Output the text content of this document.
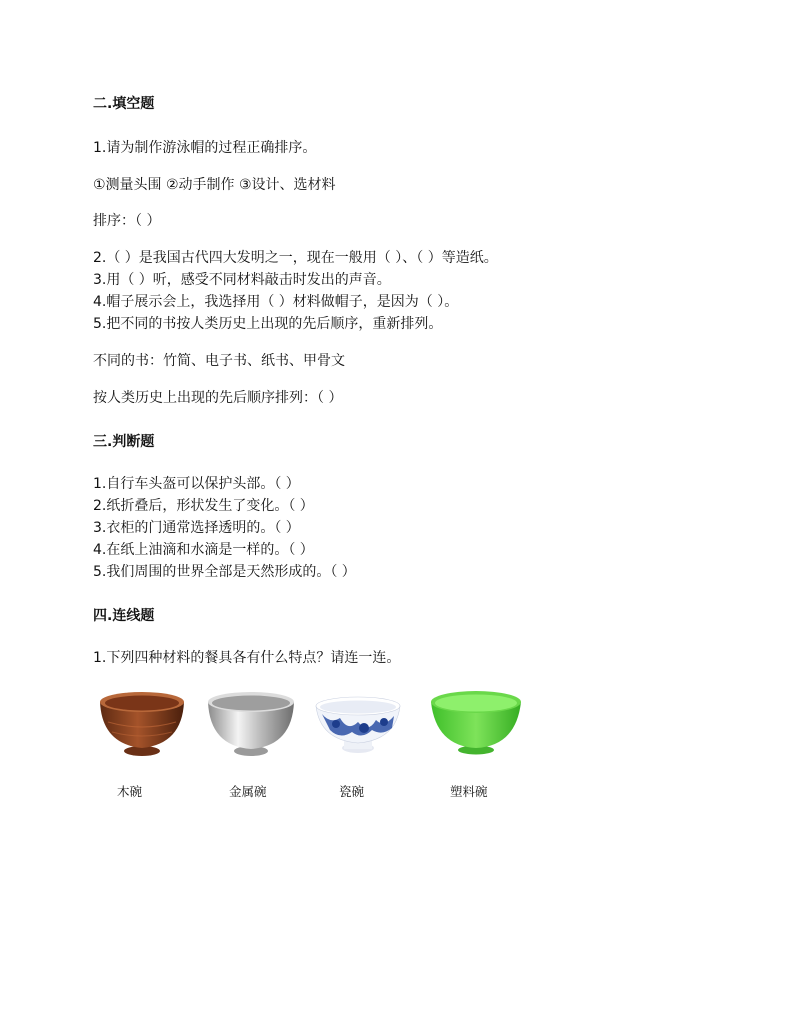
二.填空题
1.请为制作游泳帽的过程正确排序。
①测量头围 ②动手制作 ③设计、选材料
排序：（ ）
2.（ ）是我国古代四大发明之一，现在一般用（ ）、（ ）等造纸。
3.用（ ）听，感受不同材料敲击时发出的声音。
4.帽子展示会上，我选择用（ ）材料做帽子，是因为（ ）。
5.把不同的书按人类历史上出现的先后顺序，重新排列。
不同的书：竹简、电子书、纸书、甲骨文
按人类历史上出现的先后顺序排列：（ ）
三.判断题
1.自行车头盔可以保护头部。（ ）
2.纸折叠后，形状发生了变化。（ ）
3.衣柜的门通常选择透明的。（ ）
4.在纸上油滴和水滴是一样的。（ ）
5.我们周围的世界全部是天然形成的。（ ）
四.连线题
1.下列四种材料的餐具各有什么特点？请连一连。
木碗	金属碗	瓷碗	塑料碗
